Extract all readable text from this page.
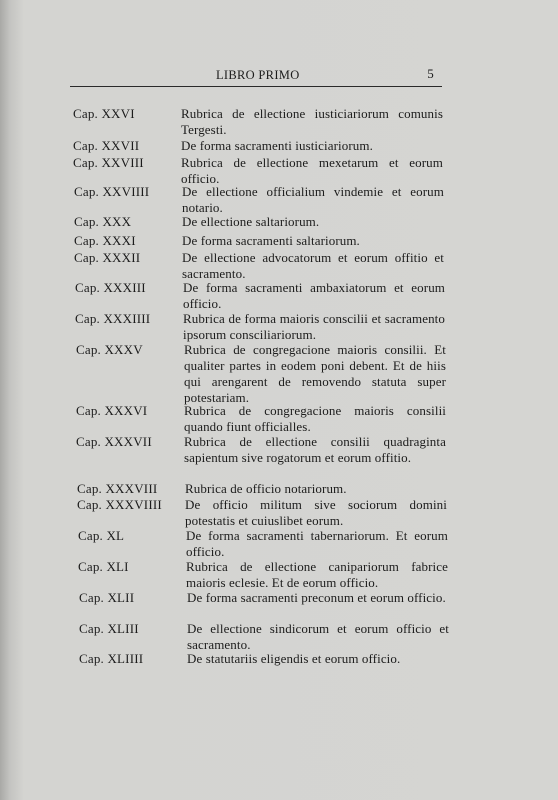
LIBRO PRIMO	5
Cap. XXVI	Rubrica de ellectione iusticiariorum comunis Tergesti.
Cap. XXVII	De forma sacramenti iusticiariorum.
Cap. XXVIII	Rubrica de ellectione mexetarum et eorum officio.
Cap. XXVIIII	De ellectione officialium vindemie et eorum notario.
Cap. XXX	De ellectione saltariorum.
Cap. XXXI	De forma sacramenti saltariorum.
Cap. XXXII	De ellectione advocatorum et eorum offitio et sacramento.
Cap. XXXIII	De forma sacramenti ambaxiatorum et eorum officio.
Cap. XXXIIII	Rubrica de forma maioris conscilii et sacramento ipsorum consciliariorum.
Cap. XXXV	Rubrica de congregacione maioris consilii. Et qualiter partes in eodem poni debent. Et de hiis qui arengarent de removendo statuta super potestariam.
Cap. XXXVI	Rubrica de congregacione maioris consilii quando fiunt officialles.
Cap. XXXVII Rubrica de ellectione consilii quadraginta sapientum sive rogatorum et eorum offitio.
Cap. XXXVIII Rubrica de officio notariorum.
Cap. XXXVIIII De officio militum sive sociorum domini potestatis et cuiuslibet eorum.
Cap. XL	De forma sacramenti tabernariorum. Et eorum officio.
Cap. XLI	Rubrica de ellectione canipariorum fabrice maioris eclesie. Et de eorum officio.
Cap. XLII	De forma sacramenti preconum et eorum officio.
Cap. XLIII	De ellectione sindicorum et eorum officio et sacramento.
Cap. XLIIII	De statutariis eligendis et eorum officio.
